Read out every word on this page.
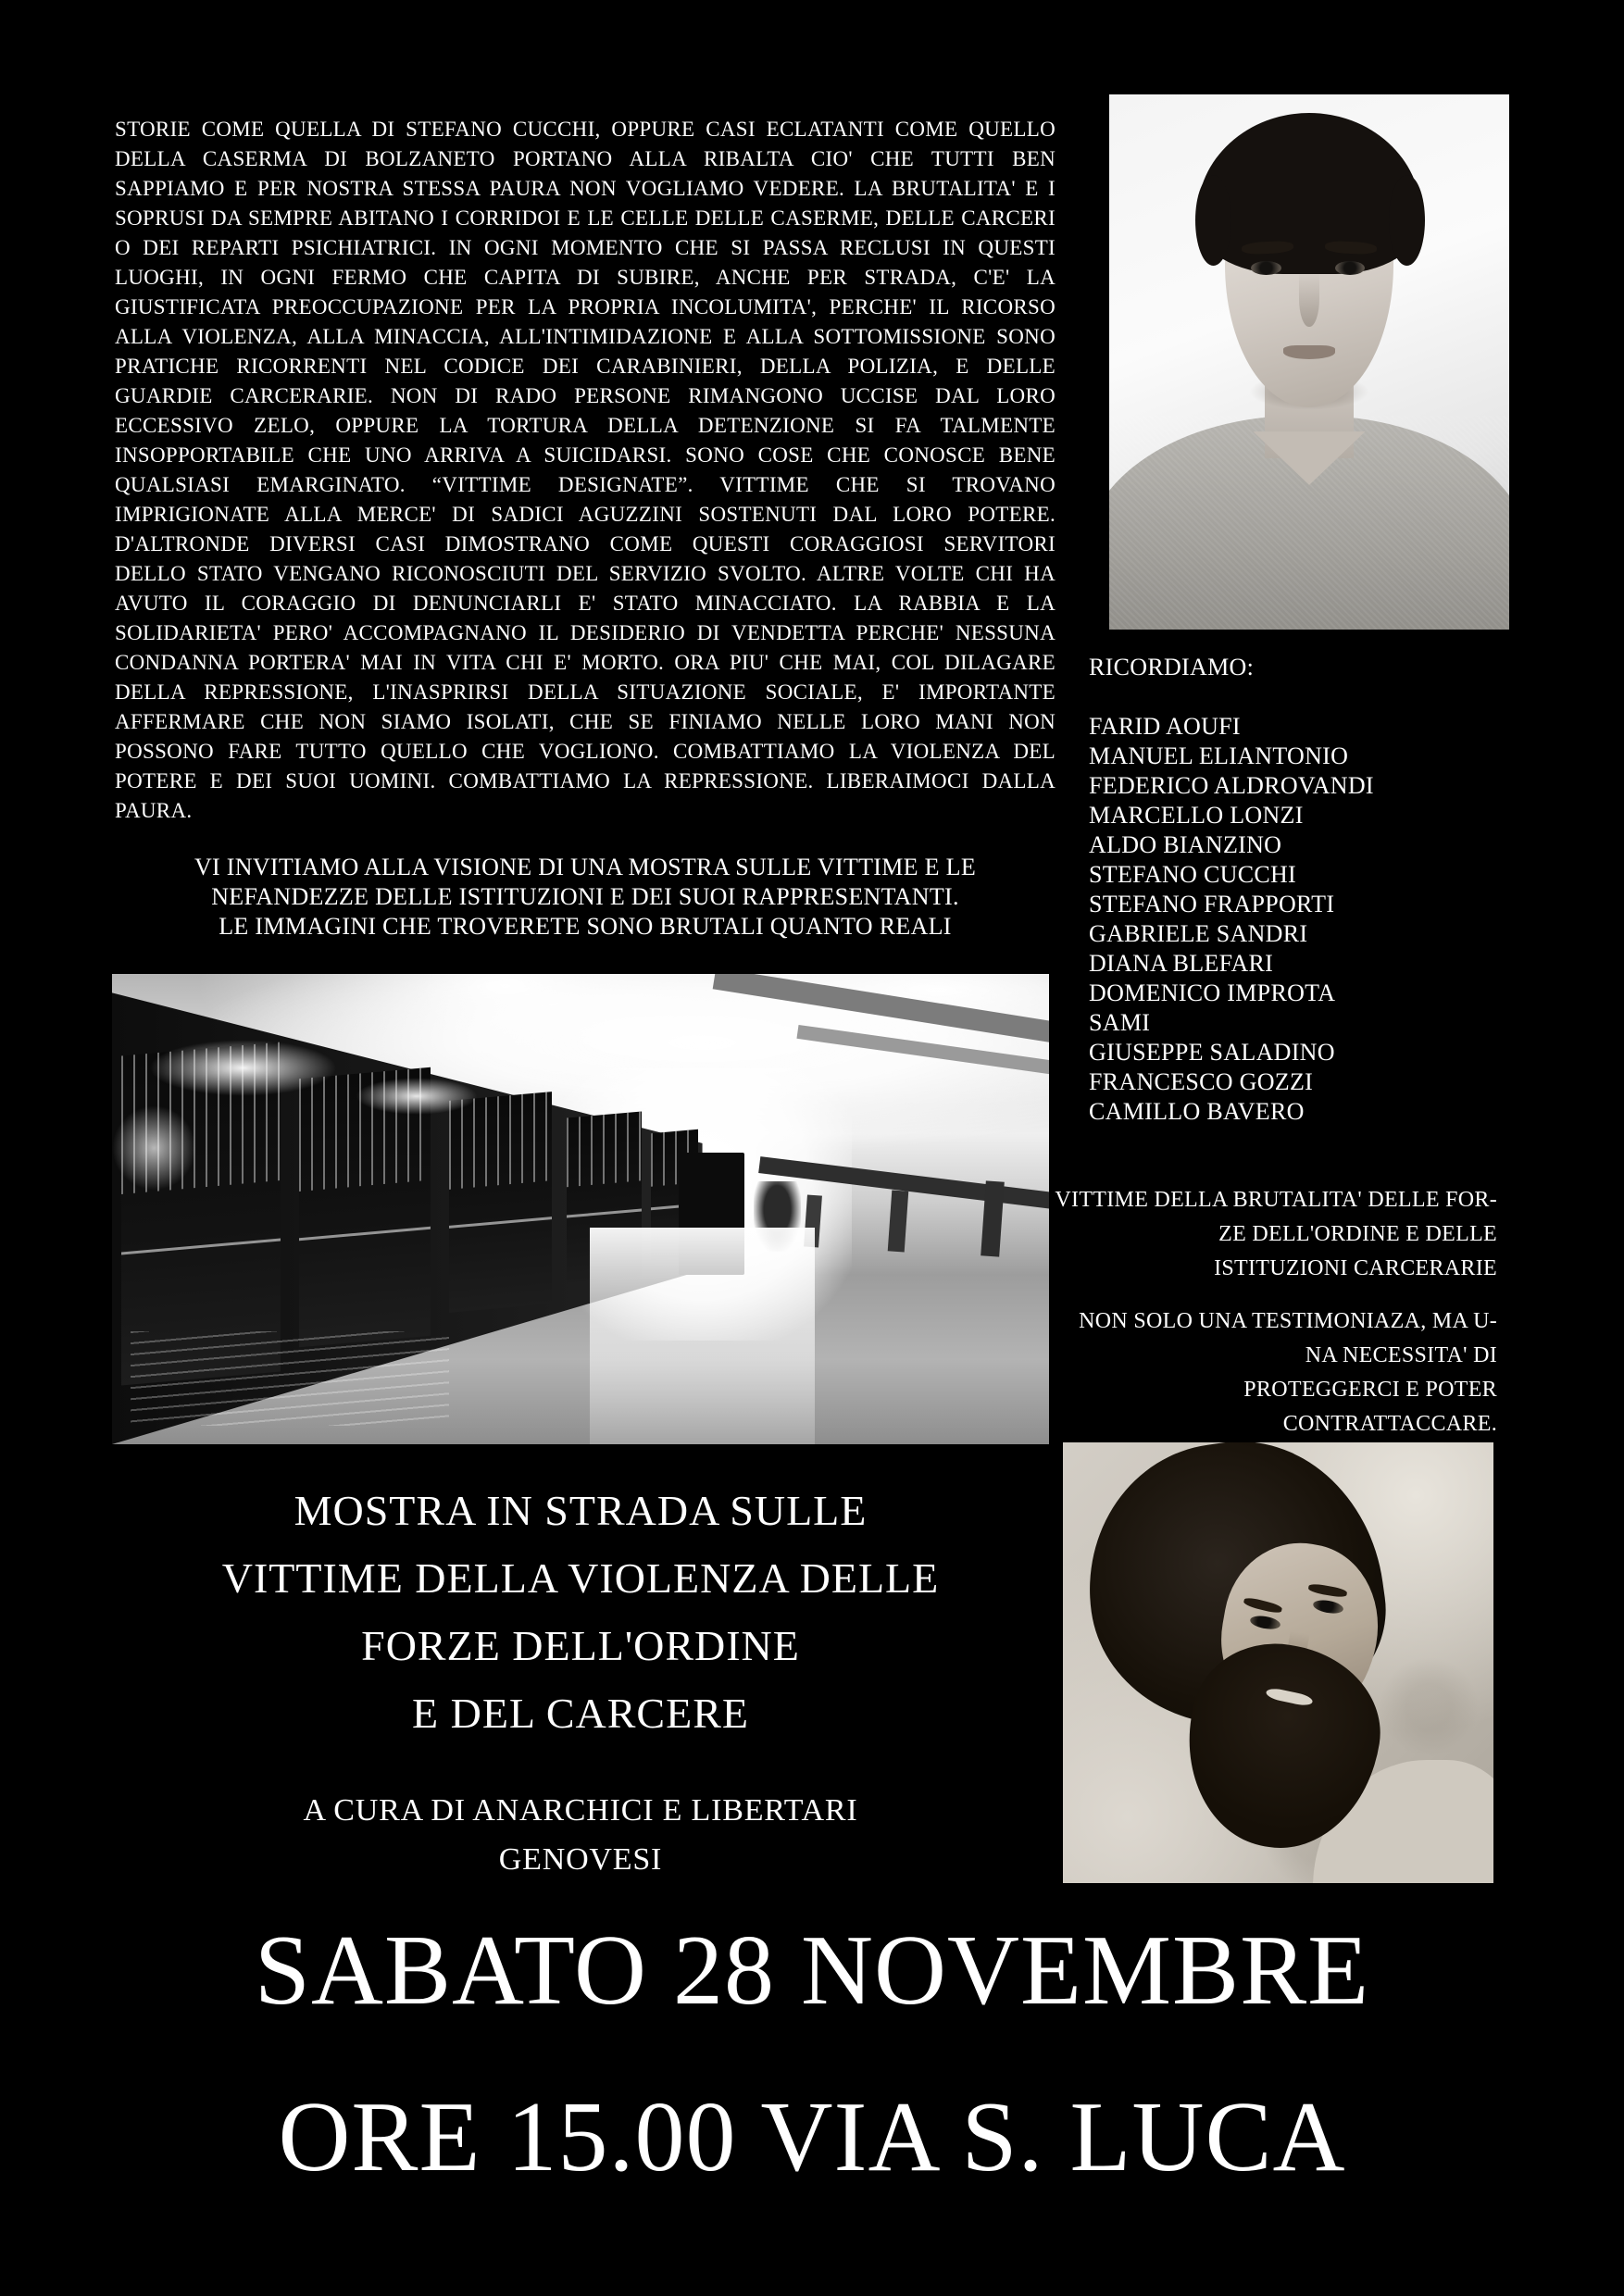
STORIE COME QUELLA DI STEFANO CUCCHI, OPPURE CASI ECLATANTI COME QUELLO
DELLA CASERMA DI BOLZANETO PORTANO ALLA RIBALTA CIO' CHE TUTTI BEN
SAPPIAMO E PER NOSTRA STESSA PAURA NON VOGLIAMO VEDERE. LA BRUTALITA' E I
SOPRUSI DA SEMPRE ABITANO I CORRIDOI E LE CELLE DELLE CASERME, DELLE CARCERI
O DEI REPARTI PSICHIATRICI. IN OGNI MOMENTO CHE SI PASSA RECLUSI IN QUESTI
LUOGHI, IN OGNI FERMO CHE CAPITA DI SUBIRE, ANCHE PER STRADA, C'E' LA
GIUSTIFICATA PREOCCUPAZIONE PER LA PROPRIA INCOLUMITA', PERCHE' IL RICORSO
ALLA VIOLENZA, ALLA MINACCIA, ALL'INTIMIDAZIONE E ALLA SOTTOMISSIONE SONO
PRATICHE RICORRENTI NEL CODICE DEI CARABINIERI, DELLA POLIZIA, E DELLE
GUARDIE CARCERARIE. NON DI RADO PERSONE RIMANGONO UCCISE DAL LORO
ECCESSIVO ZELO, OPPURE LA TORTURA DELLA DETENZIONE SI FA TALMENTE
INSOPPORTABILE CHE UNO ARRIVA A SUICIDARSI. SONO COSE CHE CONOSCE BENE
QUALSIASI EMARGINATO. “VITTIME DESIGNATE”. VITTIME CHE SI TROVANO
IMPRIGIONATE ALLA MERCE' DI SADICI AGUZZINI SOSTENUTI DAL LORO POTERE.
D'ALTRONDE DIVERSI CASI DIMOSTRANO COME QUESTI CORAGGIOSI SERVITORI
DELLO STATO VENGANO RICONOSCIUTI DEL SERVIZIO SVOLTO. ALTRE VOLTE CHI HA
AVUTO IL CORAGGIO DI DENUNCIARLI E' STATO MINACCIATO. LA RABBIA E LA
SOLIDARIETA' PERO' ACCOMPAGNANO IL DESIDERIO DI VENDETTA PERCHE' NESSUNA
CONDANNA PORTERA' MAI IN VITA CHI E' MORTO. ORA PIU' CHE MAI, COL DILAGARE
DELLA REPRESSIONE, L'INASPRIRSI DELLA SITUAZIONE SOCIALE, E' IMPORTANTE
AFFERMARE CHE NON SIAMO ISOLATI, CHE SE FINIAMO NELLE LORO MANI NON
POSSONO FARE TUTTO QUELLO CHE VOGLIONO. COMBATTIAMO LA VIOLENZA DEL
POTERE E DEI SUOI UOMINI. COMBATTIAMO LA REPRESSIONE. LIBERAIMOCI DALLA
PAURA.
VI INVITIAMO ALLA VISIONE DI UNA MOSTRA SULLE VITTIME E LE
NEFANDEZZE DELLE ISTITUZIONI E DEI SUOI RAPPRESENTANTI.
LE IMMAGINI CHE TROVERETE SONO BRUTALI QUANTO REALI
RICORDIAMO:
FARID AOUFI
MANUEL ELIANTONIO
FEDERICO ALDROVANDI
MARCELLO LONZI
ALDO BIANZINO
STEFANO CUCCHI
STEFANO FRAPPORTI
GABRIELE SANDRI
DIANA BLEFARI
DOMENICO IMPROTA
SAMI
GIUSEPPE SALADINO
FRANCESCO GOZZI
CAMILLO BAVERO
VITTIME DELLA BRUTALITA' DELLE FOR-
ZE DELL'ORDINE E DELLE
ISTITUZIONI CARCERARIE
NON SOLO UNA TESTIMONIAZA, MA U-
NA NECESSITA' DI
PROTEGGERCI E POTER
CONTRATTACCARE.
MOSTRA IN STRADA SULLE
VITTIME DELLA VIOLENZA DELLE
FORZE DELL'ORDINE
E DEL CARCERE
A CURA DI ANARCHICI E LIBERTARI
GENOVESI
SABATO 28 NOVEMBRE
ORE 15.00 VIA S. LUCA
